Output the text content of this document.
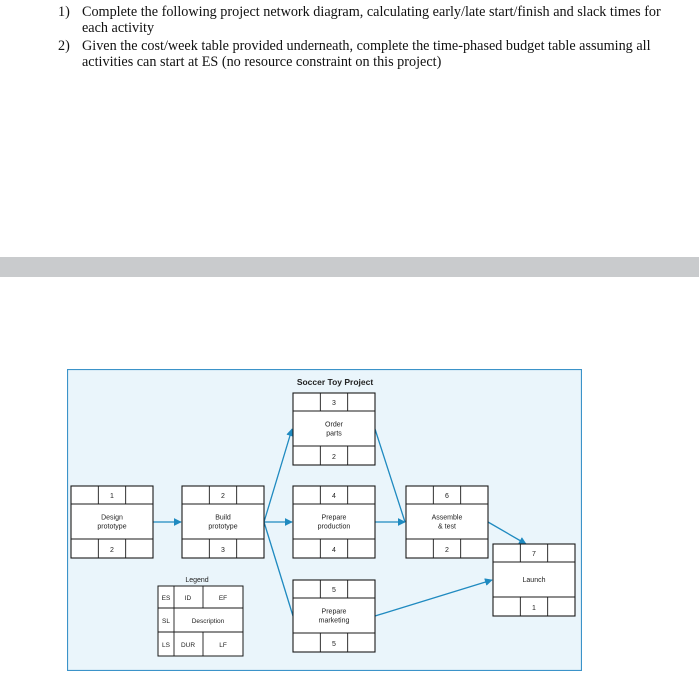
1) Complete the following project network diagram, calculating early/late start/finish and slack times for each activity
2) Given the cost/week table provided underneath, complete the time-phased budget table assuming all activities can start at ES (no resource constraint on this project)
Soccer Toy Project
1
Design
prototype
2
2
Build
prototype
3
3
Order
parts
2
4
Prepare
production
4
5
Prepare
marketing
5
6
Assemble
& test
2
7
Launch
1
Legend
ES ID	EF
SL	Description
LS DUR	LF
